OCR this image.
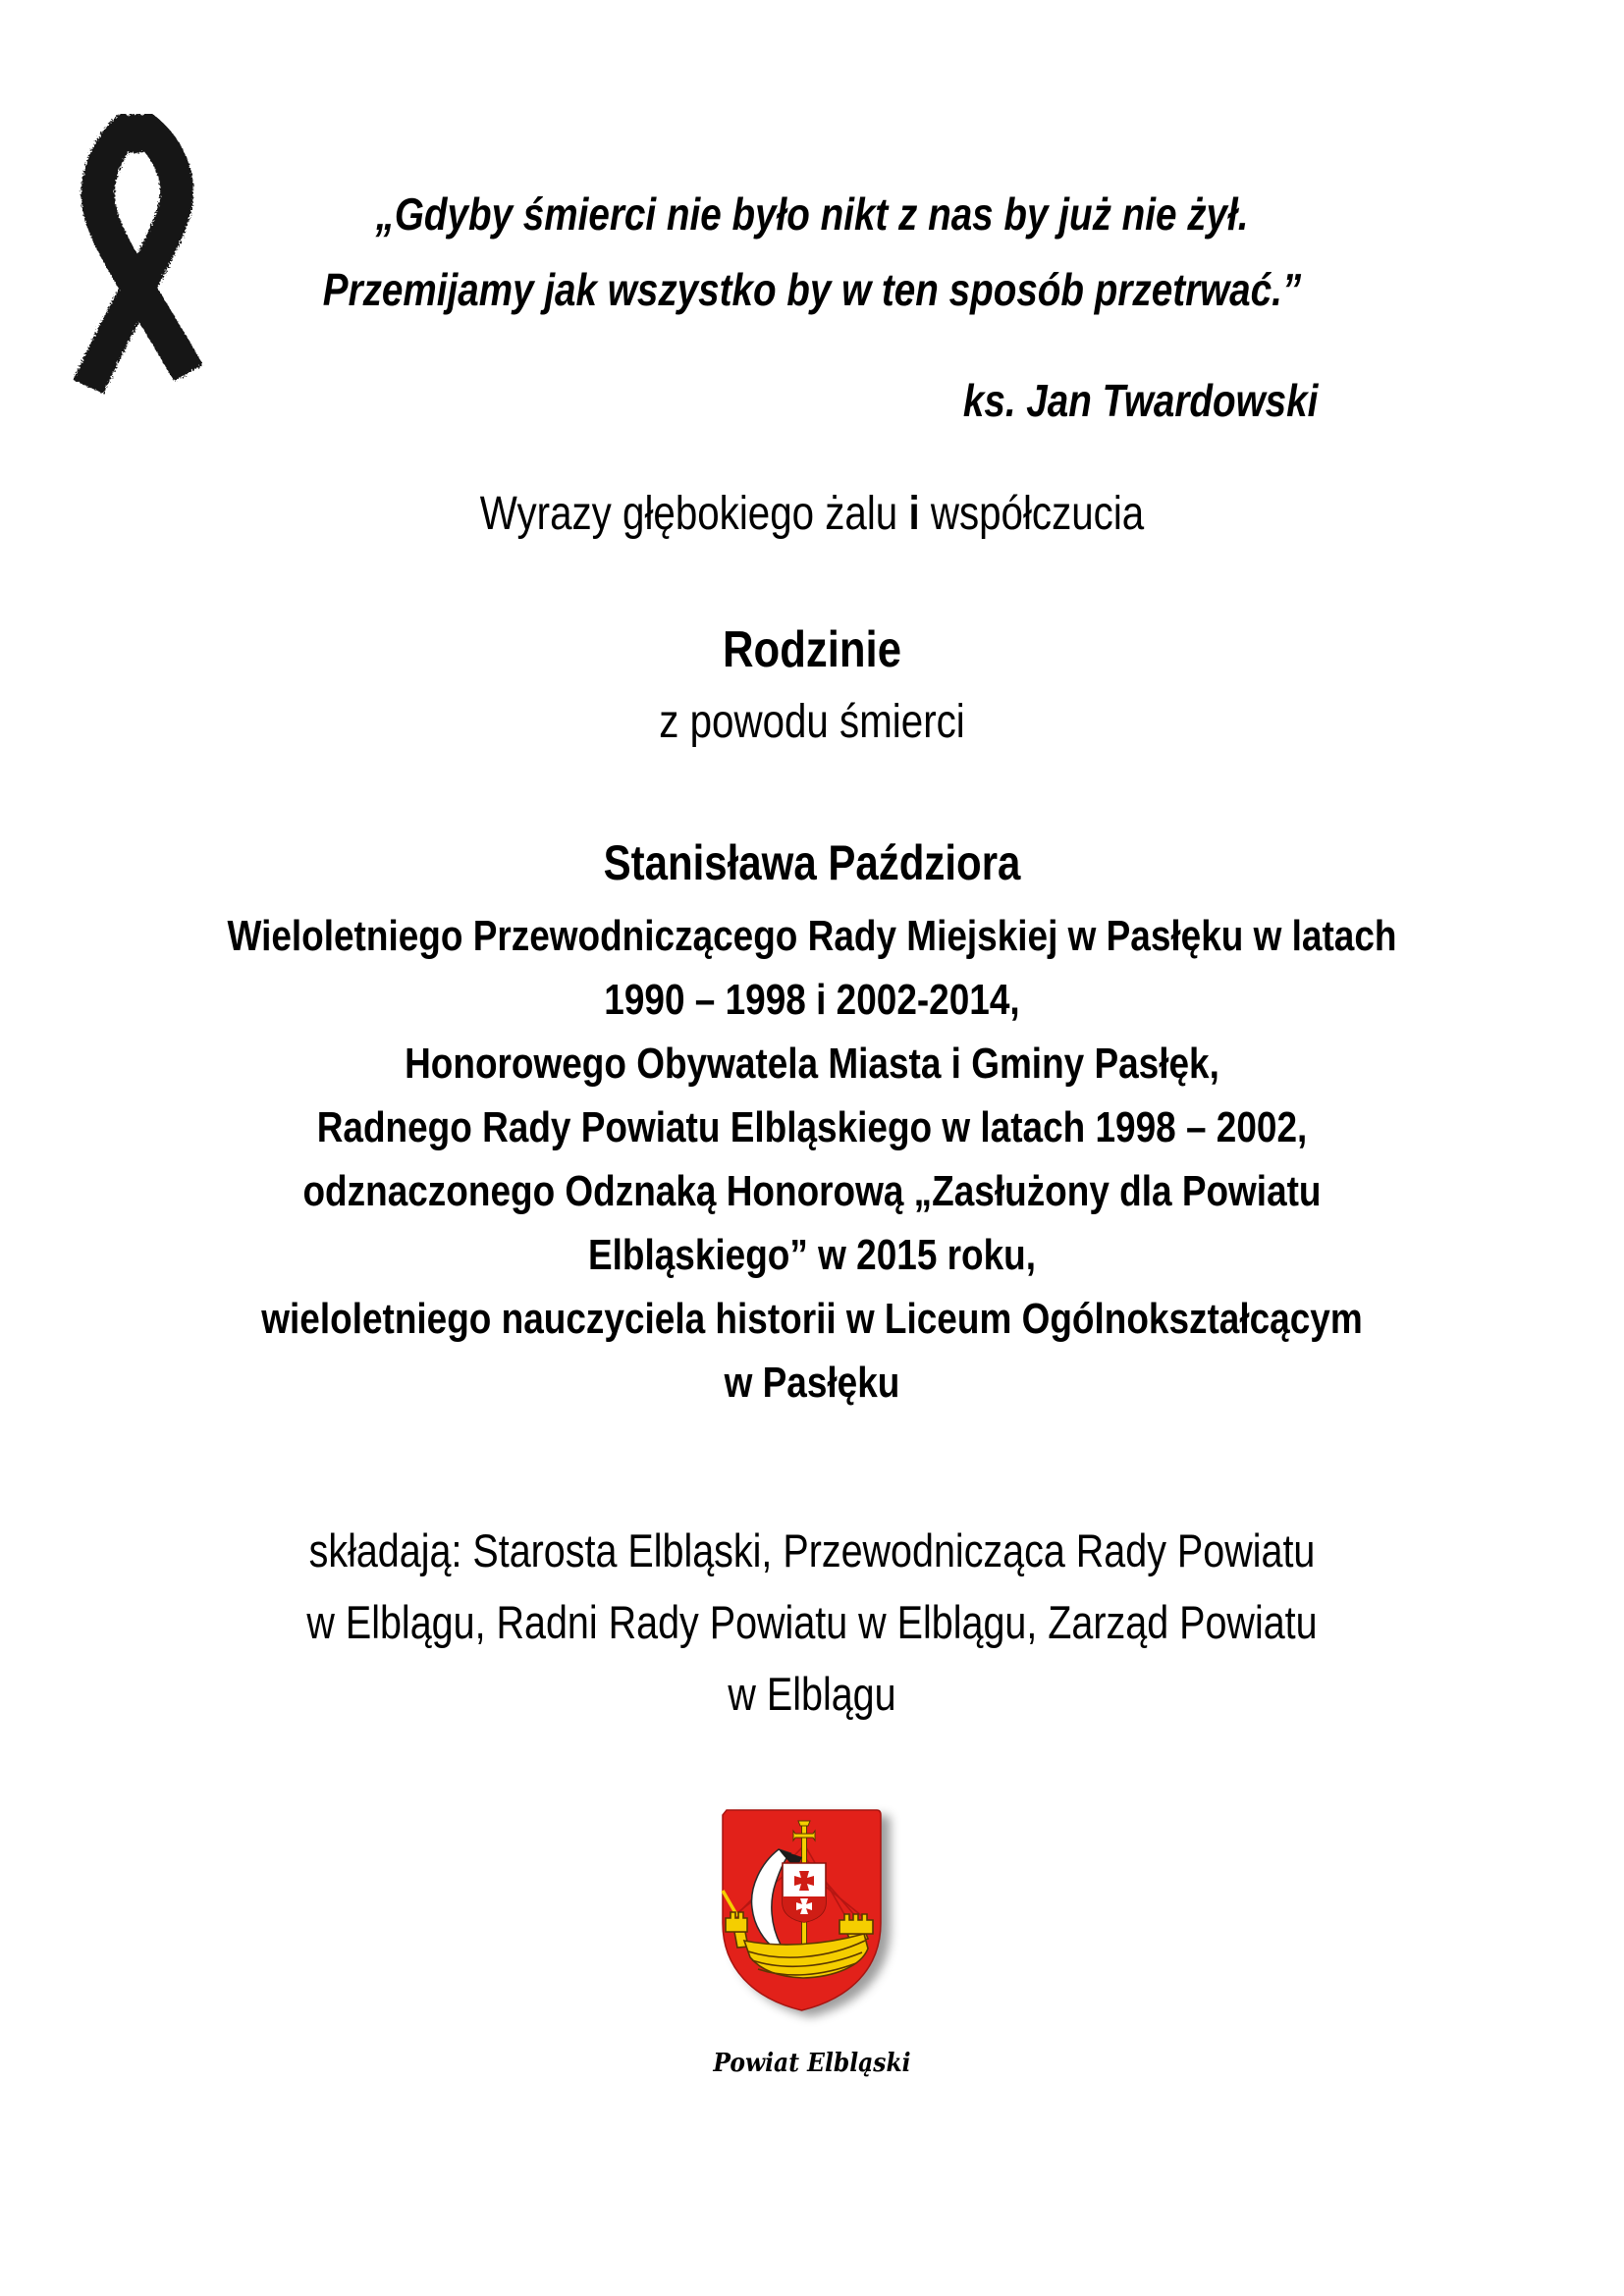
„Gdyby śmierci nie było nikt z nas by już nie żył.
Przemijamy jak wszystko by w ten sposób przetrwać.”
ks. Jan Twardowski
Wyrazy głębokiego żalu i współczucia
Rodzinie
z powodu śmierci
Stanisława Paździora
Wieloletniego Przewodniczącego Rady Miejskiej w Pasłęku w latach
1990 – 1998 i 2002-2014,
Honorowego Obywatela Miasta i Gminy Pasłęk,
Radnego Rady Powiatu Elbląskiego w latach 1998 – 2002,
odznaczonego Odznaką Honorową „Zasłużony dla Powiatu
Elbląskiego” w 2015 roku,
wieloletniego nauczyciela historii w Liceum Ogólnokształcącym
w Pasłęku
składają: Starosta Elbląski, Przewodnicząca Rady Powiatu
w Elblągu, Radni Rady Powiatu w Elblągu, Zarząd Powiatu
w Elblągu
Powiat Elbląski
